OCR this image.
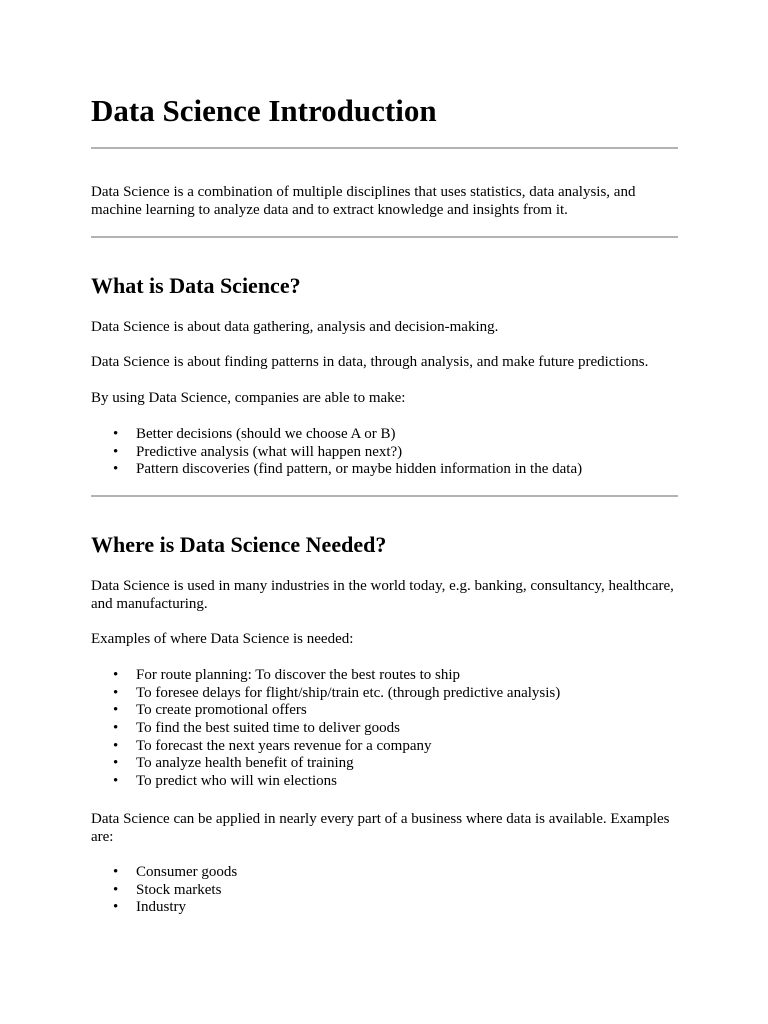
Data Science Introduction

Data Science is a combination of multiple disciplines that uses statistics, data analysis, and machine learning to analyze data and to extract knowledge and insights from it.

What is Data Science?

Data Science is about data gathering, analysis and decision-making.

Data Science is about finding patterns in data, through analysis, and make future predictions.

By using Data Science, companies are able to make:

• Better decisions (should we choose A or B)
• Predictive analysis (what will happen next?)
• Pattern discoveries (find pattern, or maybe hidden information in the data)
Where is Data Science Needed?

Data Science is used in many industries in the world today, e.g. banking, consultancy, healthcare, and manufacturing.

Examples of where Data Science is needed:

• For route planning: To discover the best routes to ship
• To foresee delays for flight/ship/train etc. (through predictive analysis)
• To create promotional offers
• To find the best suited time to deliver goods
• To forecast the next years revenue for a company
• To analyze health benefit of training
• To predict who will win elections

Data Science can be applied in nearly every part of a business where data is available. Examples are:

• Consumer goods
• Stock markets
• Industry
